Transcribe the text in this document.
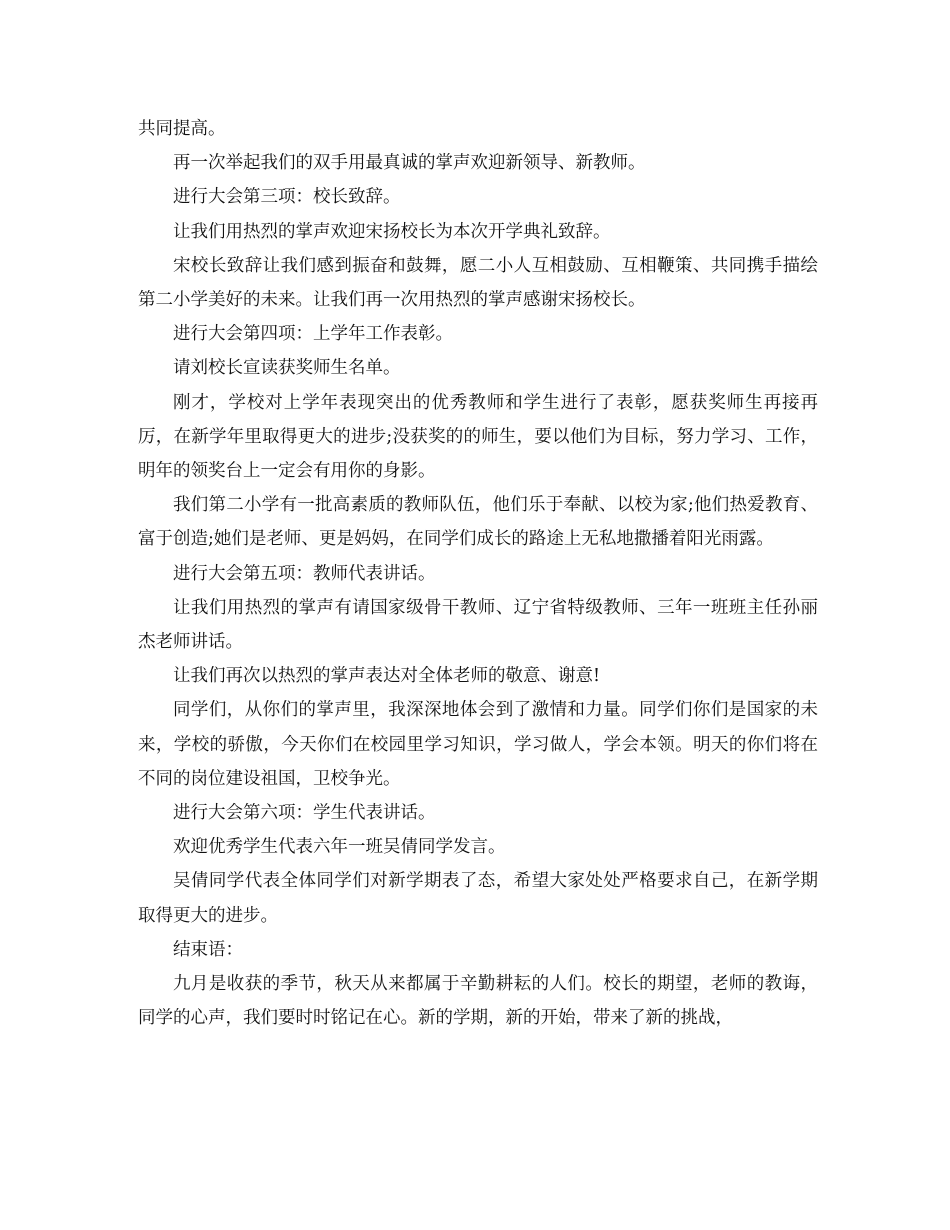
共同提高。

再一次举起我们的双手用最真诚的掌声欢迎新领导、新教师。

进行大会第三项：校长致辞。

让我们用热烈的掌声欢迎宋扬校长为本次开学典礼致辞。

宋校长致辞让我们感到振奋和鼓舞，愿二小人互相鼓励、互相鞭策、共同携手描绘第二小学美好的未来。让我们再一次用热烈的掌声感谢宋扬校长。

进行大会第四项：上学年工作表彰。

请刘校长宣读获奖师生名单。

刚才，学校对上学年表现突出的优秀教师和学生进行了表彰，愿获奖师生再接再厉，在新学年里取得更大的进步;没获奖的的师生，要以他们为目标，努力学习、工作，明年的领奖台上一定会有用你的身影。

我们第二小学有一批高素质的教师队伍，他们乐于奉献、以校为家;他们热爱教育、富于创造;她们是老师、更是妈妈，在同学们成长的路途上无私地撒播着阳光雨露。

进行大会第五项：教师代表讲话。

让我们用热烈的掌声有请国家级骨干教师、辽宁省特级教师、三年一班班主任孙丽杰老师讲话。

让我们再次以热烈的掌声表达对全体老师的敬意、谢意!

同学们，从你们的掌声里，我深深地体会到了激情和力量。同学们你们是国家的未来，学校的骄傲，今天你们在校园里学习知识，学习做人，学会本领。明天的你们将在不同的岗位建设祖国，卫校争光。

进行大会第六项：学生代表讲话。

欢迎优秀学生代表六年一班吴倩同学发言。

吴倩同学代表全体同学们对新学期表了态，希望大家处处严格要求自己，在新学期取得更大的进步。

结束语：

九月是收获的季节，秋天从来都属于辛勤耕耘的人们。校长的期望，老师的教诲，同学的心声，我们要时时铭记在心。新的学期，新的开始，带来了新的挑战，
